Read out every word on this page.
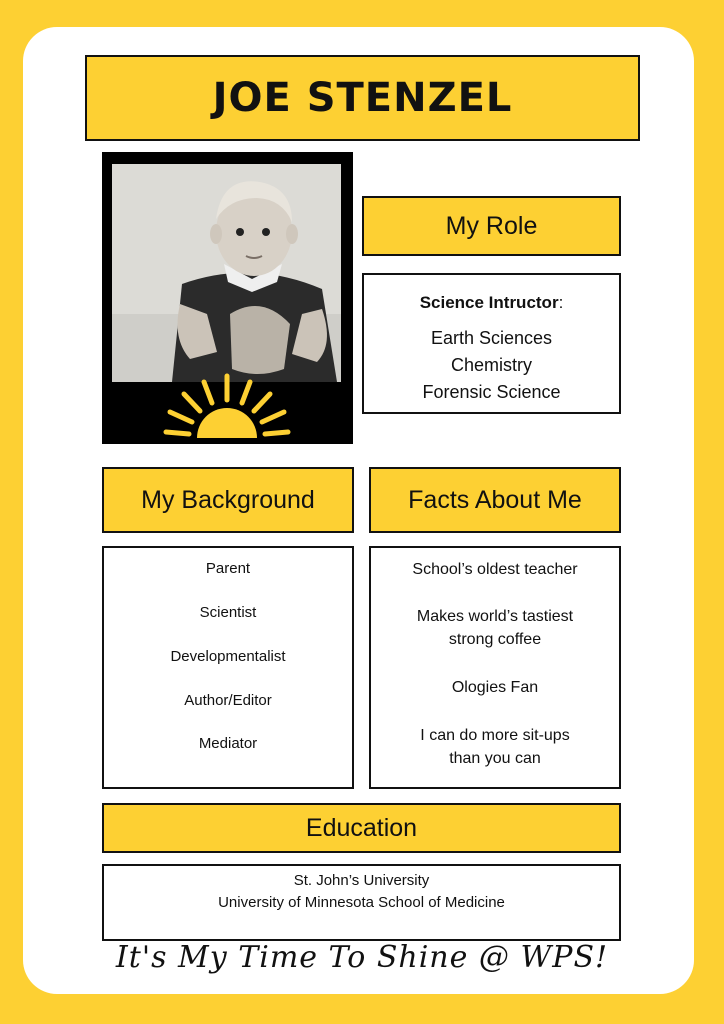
JOE STENZEL
My Role
Science Intructor:
Earth Sciences
Chemistry
Forensic Science
My Background
Parent
Scientist
Developmentalist
Author/Editor
Mediator
Facts About Me
School’s oldest teacher
Makes world’s tastiest
strong coffee
Ologies Fan
I can do more sit-ups
than you can
Education
St. John’s University
University of Minnesota School of Medicine
It's My Time To Shine @ WPS!
